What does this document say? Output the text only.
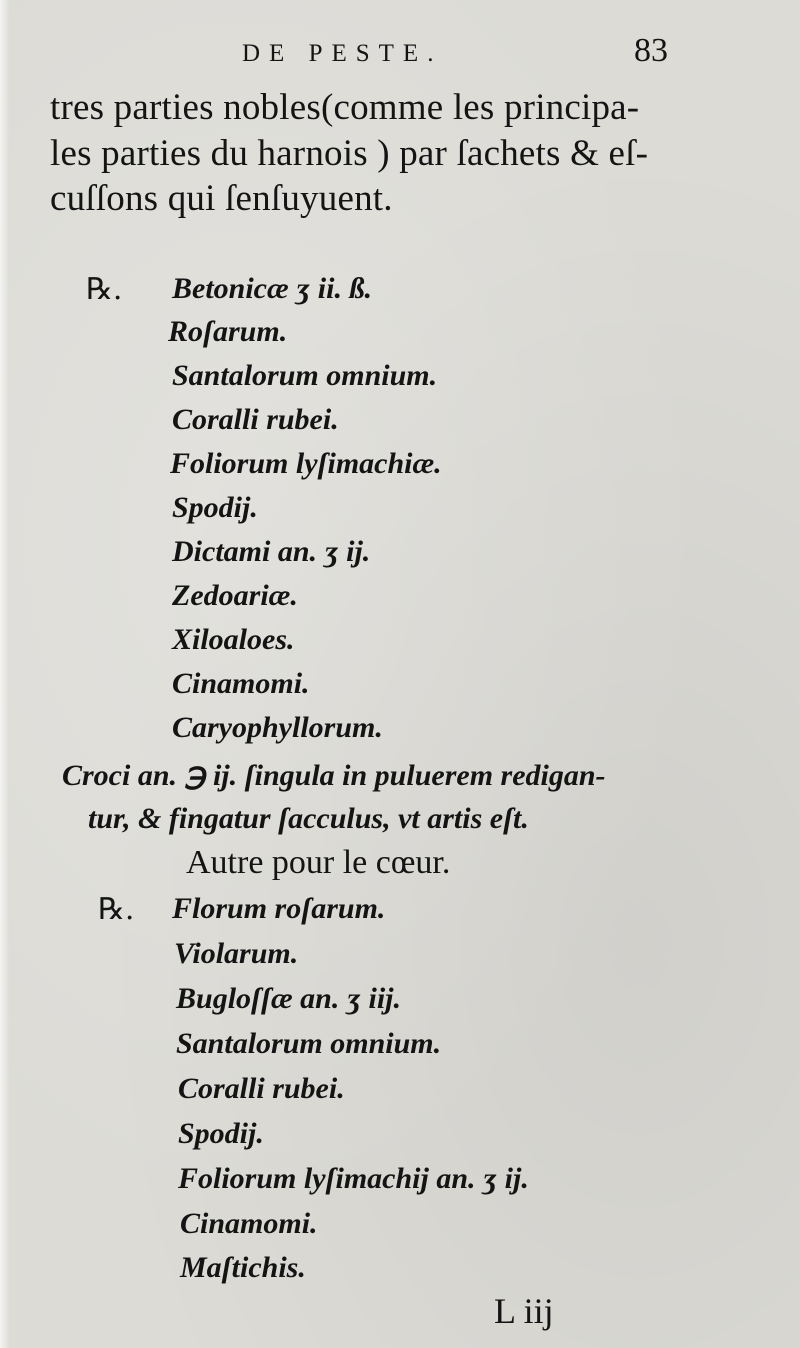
DE PESTE.	83
tres parties nobles(comme les principa-
les parties du harnois ) par ſachets & eſ-
cuſſons qui ſenſuyuent.
℞. Betonicæ ʒ ii. ß.
Roſarum.
Santalorum omnium.
Coralli rubei.
Foliorum lyſimachiæ.
Spodij.
Dictami an. ʒ ij.
Zedoariæ.
Xiloaloes.
Cinamomi.
Caryophyllorum.
Croci an. ℈ ij. ſingula in puluerem redigan-
tur, & fingatur ſacculus, vt artis eſt.
Autre pour le cœur.
℞. Florum roſarum.
Violarum.
Bugloſſæ an. ʒ iij.
Santalorum omnium.
Coralli rubei.
Spodij.
Foliorum lyſimachij an. ʒ ij.
Cinamomi.
Maſtichis.
L iij
